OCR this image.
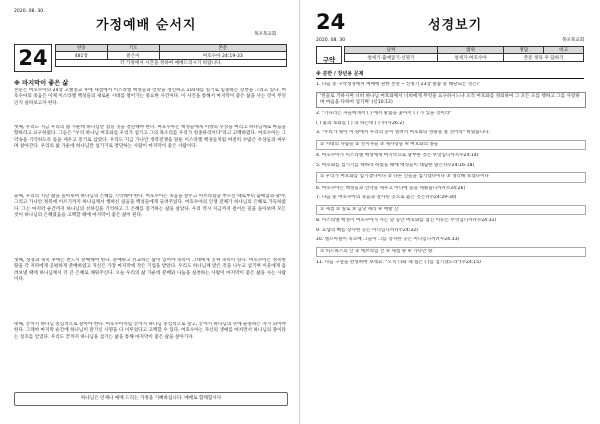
2020. 08. 30.
가정예배 순서지
목포북교회
24	찬송	기도	본문
481장	맡은이	여호수아 24:19-33
각 가정에서 시간을 정하여 예배드리시기 바랍니다.		
※ 마지막이 좋은 삶
본문은 여호수아의 24장 고별설교 후에 세겜에서 이스라엘 백성들과 언약을 갱신하고 110세를 일기로 임종하는 장면을 그리고 있다. 여호수아의 죽음은 이제 이스라엘 백성들의 새로운 시대를 열어가는 중요한 사건이다. 이 사건을 통해서 마지막이 좋은 삶을 사는 것이 무엇인지 살펴보고자 한다.
첫째, 우리도 지금 우리의 삶 가운데 하나님만 섬길 것을 결단해야 한다. 여호수아는 백성들에게 이방의 우상을 버리고 하나님께로 마음을 향하라고 요구하였다. 그들은 "우리 하나님 여호와를 우리가 섬기고 그의 목소리를 우리가 청종하리이다"라고 고백하였다. 여호수아는 그 약속을 기억하도록 돌을 세우고 증거로 삼았다. 우리도 지금 가나안 정복전쟁을 앞둔 이스라엘 백성들처럼 여전히 수많은 우상들과 싸우며 살아간다. 우리의 삶 가운데 하나님만 섬기기로 결단하는 사람이 마지막이 좋은 사람이다.
둘째, 우리의 지난 삶을 돌아보며 하나님의 은혜를 기억해야 한다. 여호수아는 죽음을 앞두고 아브라함을 부르신 때로부터 출애굽과 광야, 그리고 가나안 정복에 이르기까지 하나님께서 행하신 일들을 백성들에게 들려주었다. 여호수아의 인생 전체가 하나님의 은혜로 가득하였다. 그는 마지막 순간까지 하나님의 선하심을 기억하고 그 은혜를 증거하는 삶을 살았다. 우리 역시 지금까지 걸어온 길을 돌아보며 모든 것이 하나님의 은혜였음을 고백할 때에 마지막이 좋은 삶이 된다.
셋째, 성경과 축복 후에는 반드시 분배해야 한다. 분배하고 선교하는 삶이 있어야 축복이 그대에게 진짜 축복이 된다. 여호수아는 정복한 땅을 각 지파에게 공평하게 분배하였고 자신은 가장 마지막에 작은 기업을 받았다. 우리도 하나님께 받은 것을 나누고 섬기며 이웃에게 흘려보낼 때에 하나님께서 더 큰 은혜로 채워주신다. 오늘 우리의 삶 가운데 분배와 나눔을 실천하는 사람이 마지막이 좋은 삶을 사는 사람이다.
넷째, 끝까지 하나님 중심적으로 살아야 한다. 여호수아처럼 끝까지 하나님 중심적으로 살고, 끝까지 하나님의 뜻에 순종하는 자가 되어야 한다. 그래야 마지막 순간에 하나님이 맡기신 사명을 다 이루었다고 고백할 수 있다. 여호수아는 자신의 생애를 마치면서 하나님의 종이라는 칭호를 얻었다. 우리도 끝까지 하나님을 섬기는 삶을 통해 마지막이 좋은 삶을 살아가자.
하나님은 언제나 예배 드리는 가정을 기뻐하십니다. 예배로 함께합시다
24	성경보기
2020. 08. 30	목포북교회
구약
날짜	범위	정답	비고
창세기·출애굽기·신명기	창세기·여호수아	본문 정독 후 답하기	
※ 분반 / 장년용 문제
1. 다음 중 구약성경에서 예배에 관한 본문 ─ 신명기 23장 말씀 중 해당되는 것은?
'빈들로 거하시며 너희 하나님 여호와께서 너희에게 무엇을 요구하시느냐 오직 여호와를 경외하여 그 모든 도를 행하고 그를 사랑하며 마음을 다하여 섬기며' (신10:12)
2. "기다리는 자들에게서 ( ) 에서 말씀을 좇아서 ( ) 가 있을 것이라"
( ) 불과 보좌를 ( ) 의 하는데 ( ) 주(사26:2)
3. "우리가 뭣이 이 땅에서 우리의 눈이 열려서 여호와의 영광을 볼 것이라" 하였습니다.
① 시대의 사람들 ② 선지자들 ③ 제사장들 ④ 여호와의 종들
4. 여호수아가 이스라엘 백성에게 마지막으로 당부한 것은 무엇입니까?(수24:14)
5. 여호와를 섬기기를 택하라 하였을 때에 백성들이 대답한 말은?(수24:16-18)
① 우리가 여호와를 섬기겠나이다 ② 다른 신들을 섬기겠나이다 ③ 생각해 보겠나이다
6. 여호수아는 백성들과 언약을 세우고 어디에 돌을 세웠습니까?(수24:26)
7. 다음 중 여호수아의 죽음과 장사된 곳으로 옳은 것은?(수24:29-30)
① 세겜 ② 실로 ③ 딤낫 세라 ④ 에발 산
8. 이스라엘 백성이 여호수아가 사는 날 동안 여호와를 섬긴 이유는 무엇입니까?(수24:31)
9. 요셉의 뼈를 장사한 곳은 어디입니까?(수24:32)
10. 엘르아살이 죽으매 그들이 그를 장사한 곳은 어디입니까?(수24:33)
① 비느하스의 산 ② 에브라임 산 ③ 세겜 땅 ④ 가나안 땅
11. 다음 구절을 완성하여 보세요: "오직 나와 내 집은 ( )를 섬기겠노라"(수24:15)
